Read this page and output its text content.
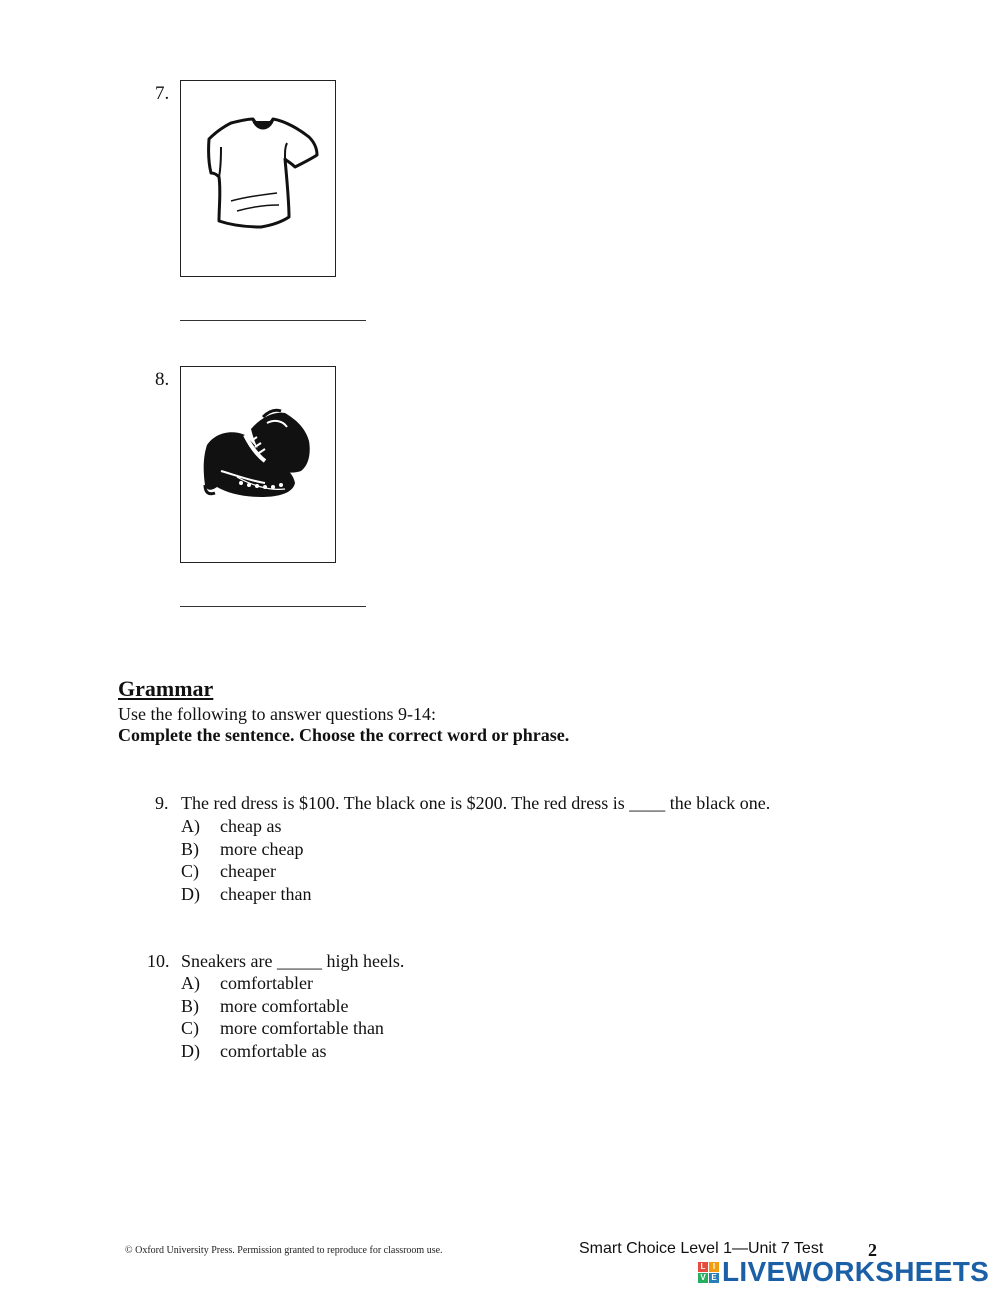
7.
8.
Grammar
Use the following to answer questions 9-14:
Complete the sentence. Choose the correct word or phrase.
9. The red dress is $100. The black one is $200. The red dress is ____ the black one.
A)	cheap as
B)	more cheap
C)	cheaper
D)	cheaper than
10. Sneakers are _____ high heels.
A)	comfortabler
B)	more comfortable
C)	more comfortable than
D)	comfortable as
© Oxford University Press. Permission granted to reproduce for classroom use.	Smart Choice Level 1—Unit 7 Test 2
L I
V E LIVEWORKSHEETS
